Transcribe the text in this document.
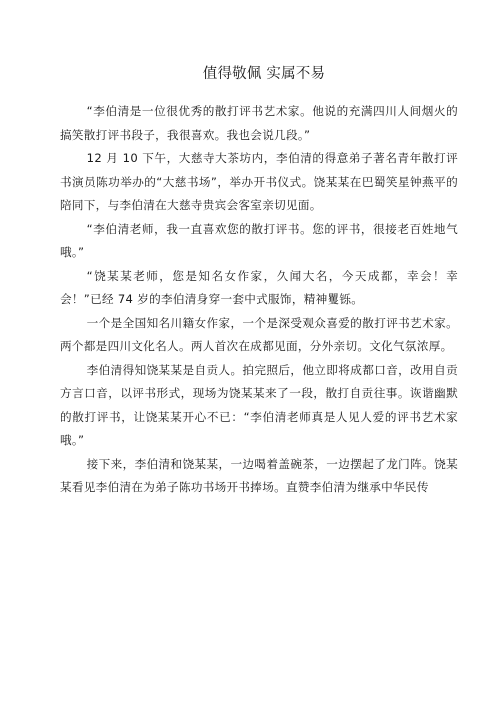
值得敬佩 实属不易

“李伯清是一位很优秀的散打评书艺术家。他说的充满四川人间烟火的搞笑散打评书段子，我很喜欢。我也会说几段。”

12 月 10 下午，大慈寺大茶坊内，李伯清的得意弟子著名青年散打评书演员陈功举办的“大慈书场”，举办开书仪式。饶某某在巴蜀笑星钟燕平的陪同下，与李伯清在大慈寺贵宾会客室亲切见面。

“李伯清老师，我一直喜欢您的散打评书。您的评书，很接老百姓地气哦。”

“饶某某老师，您是知名女作家，久闻大名，今天成都，幸会！幸会！”已经 74 岁的李伯清身穿一套中式服饰，精神矍铄。

一个是全国知名川籍女作家，一个是深受观众喜爱的散打评书艺术家。两个都是四川文化名人。两人首次在成都见面，分外亲切。文化气氛浓厚。

李伯清得知饶某某是自贡人。拍完照后，他立即将成都口音，改用自贡方言口音，以评书形式，现场为饶某某来了一段，散打自贡往事。诙谐幽默的散打评书，让饶某某开心不已：“李伯清老师真是人见人爱的评书艺术家哦。”

接下来，李伯清和饶某某，一边喝着盖碗茶，一边摆起了龙门阵。饶某某看见李伯清在为弟子陈功书场开书捧场。直赞李伯清为继承中华民传
